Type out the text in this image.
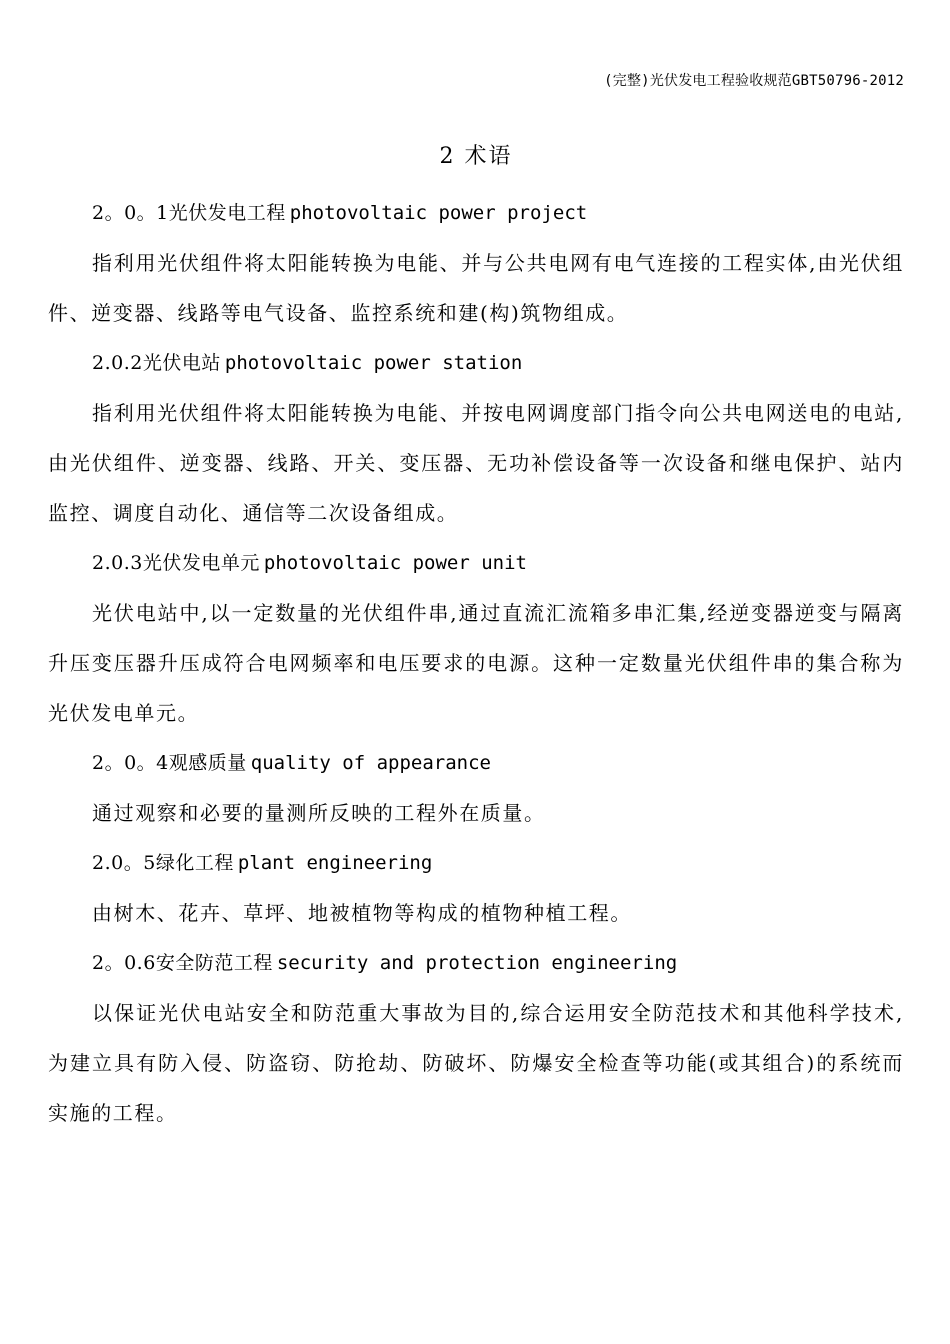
(完整)光伏发电工程验收规范GBT50796-2012
2 术语
2。0。1光伏发电工程 photovoltaic power project

指利用光伏组件将太阳能转换为电能、并与公共电网有电气连接的工程实体,由光伏组件、逆变器、线路等电气设备、监控系统和建(构)筑物组成。

2.0.2光伏电站 photovoltaic power station

指利用光伏组件将太阳能转换为电能、并按电网调度部门指令向公共电网送电的电站,由光伏组件、逆变器、线路、开关、变压器、无功补偿设备等一次设备和继电保护、站内监控、调度自动化、通信等二次设备组成。

2.0.3光伏发电单元 photovoltaic power unit

光伏电站中,以一定数量的光伏组件串,通过直流汇流箱多串汇集,经逆变器逆变与隔离升压变压器升压成符合电网频率和电压要求的电源。这种一定数量光伏组件串的集合称为光伏发电单元。

2。0。4观感质量 quality of appearance

通过观察和必要的量测所反映的工程外在质量。

2.0。5绿化工程 plant engineering

由树木、花卉、草坪、地被植物等构成的植物种植工程。

2。0.6安全防范工程 security and protection engineering

以保证光伏电站安全和防范重大事故为目的,综合运用安全防范技术和其他科学技术,为建立具有防入侵、防盗窃、防抢劫、防破坏、防爆安全检查等功能(或其组合)的系统而实施的工程。
